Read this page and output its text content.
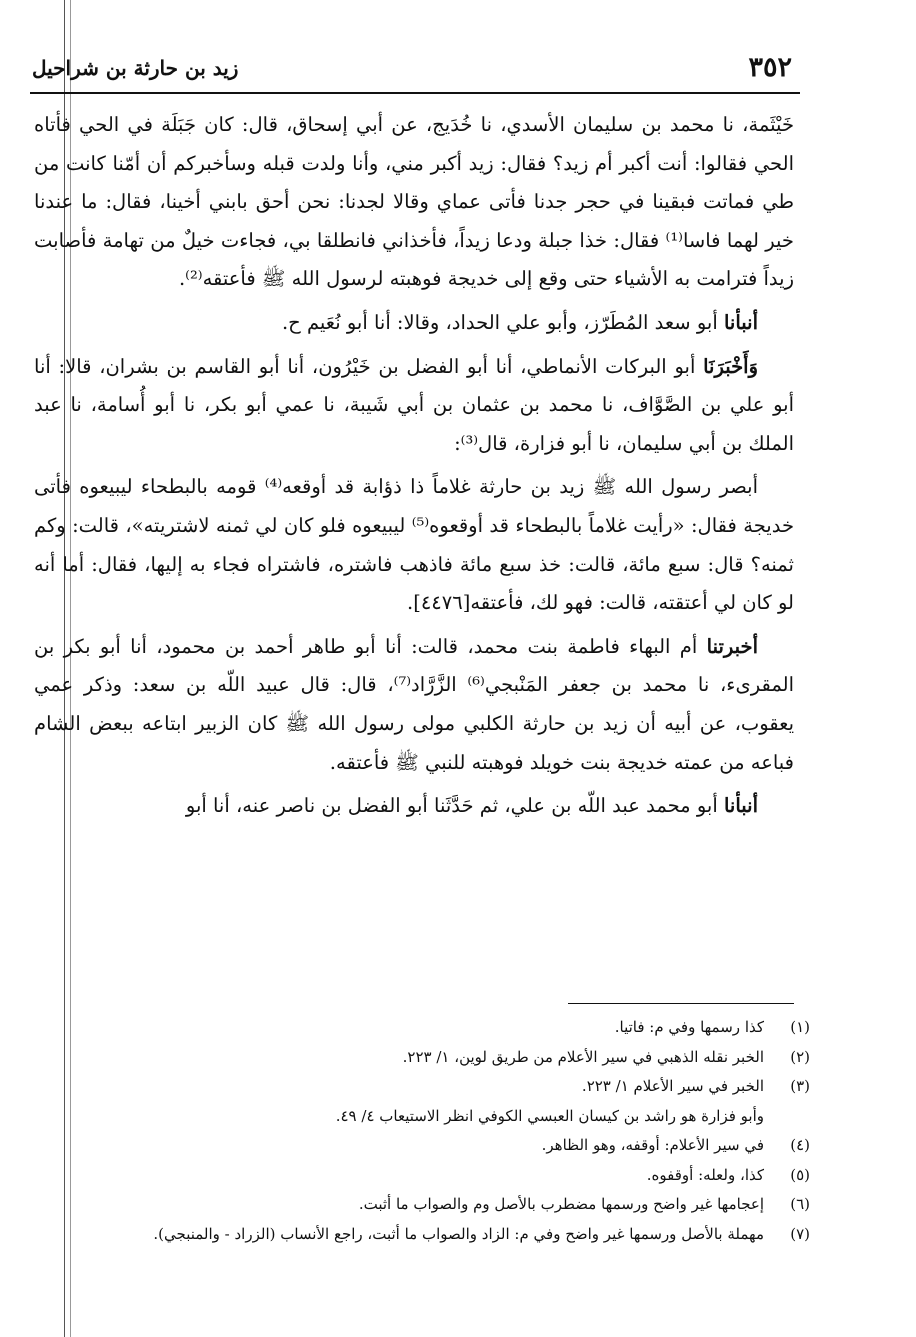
٣٥٢
زيد بن حارثة بن شراحيل

خَيْثَمة، نا محمد بن سليمان الأسدي، نا خُدَيج، عن أبي إسحاق، قال: كان جَبَلَة في الحي فأتاه الحي فقالوا: أنت أكبر أم زيد؟ فقال: زيد أكبر مني، وأنا ولدت قبله وسأخبركم أن أمّنا كانت من طي فماتت فبقينا في حجر جدنا فأتى عماي وقالا لجدنا: نحن أحق بابني أخينا، فقال: ما عندنا خير لهما فاسا⁽¹⁾ فقال: خذا جبلة ودعا زيداً، فأخذاني فانطلقا بي، فجاءت خيلٌ من تهامة فأصابت زيداً فترامت به الأشياء حتى وقع إلى خديجة فوهبته لرسول الله ﷺ فأعتقه⁽²⁾.

أنبأنا أبو سعد المُطَرّز، وأبو علي الحداد، وقالا: أنا أبو نُعَيم ح.

وَأَخْبَرَنَا أبو البركات الأنماطي، أنا أبو الفضل بن خَيْرُون، أنا أبو القاسم بن بشران، قالا: أنا أبو علي بن الصَّوَّاف، نا محمد بن عثمان بن أبي شَيبة، نا عمي أبو بكر، نا أبو أُسامة، نا عبد الملك بن أبي سليمان، نا أبو فزارة، قال⁽³⁾:

أبصر رسول الله ﷺ زيد بن حارثة غلاماً ذا ذؤابة قد أوقعه⁽⁴⁾ قومه بالبطحاء ليبيعوه فأتى خديجة فقال: «رأيت غلاماً بالبطحاء قد أوقعوه⁽⁵⁾ ليبيعوه فلو كان لي ثمنه لاشتريته»، قالت: وكم ثمنه؟ قال: سبع مائة، قالت: خذ سبع مائة فاذهب فاشتره، فاشتراه فجاء به إليها، فقال: أما أنه لو كان لي أعتقته، قالت: فهو لك، فأعتقه[٤٤٧٦].

أخبرتنا أم البهاء فاطمة بنت محمد، قالت: أنا أبو طاهر أحمد بن محمود، أنا أبو بكر بن المقرىء، نا محمد بن جعفر المَنْبجي⁽⁶⁾ الزَّرَّاد⁽⁷⁾، قال: قال عبيد اللّه بن سعد: وذكر عمي يعقوب، عن أبيه أن زيد بن حارثة الكلبي مولى رسول الله ﷺ كان الزبير ابتاعه ببعض الشام فباعه من عمته خديجة بنت خويلد فوهبته للنبي ﷺ فأعتقه.

أنبأنا أبو محمد عبد اللّه بن علي، ثم حَدَّثَنا أبو الفضل بن ناصر عنه، أنا أبو

(١)
كذا رسمها وفي م: فاتيا.
(٢)
الخبر نقله الذهبي في سير الأعلام من طريق لوين، ١/ ٢٢٣.
(٣)
الخبر في سير الأعلام ١/ ٢٢٣.
وأبو فزارة هو راشد بن كيسان العبسي الكوفي انظر الاستيعاب ٤/ ٤٩.
(٤)
في سير الأعلام: أوقفه، وهو الظاهر.
(٥)
كذا، ولعله: أوقفوه.
(٦)
إعجامها غير واضح ورسمها مضطرب بالأصل وم والصواب ما أثبت.
(٧)
مهملة بالأصل ورسمها غير واضح وفي م: الزاد والصواب ما أثبت، راجع الأنساب (الزراد - والمنبجي).
